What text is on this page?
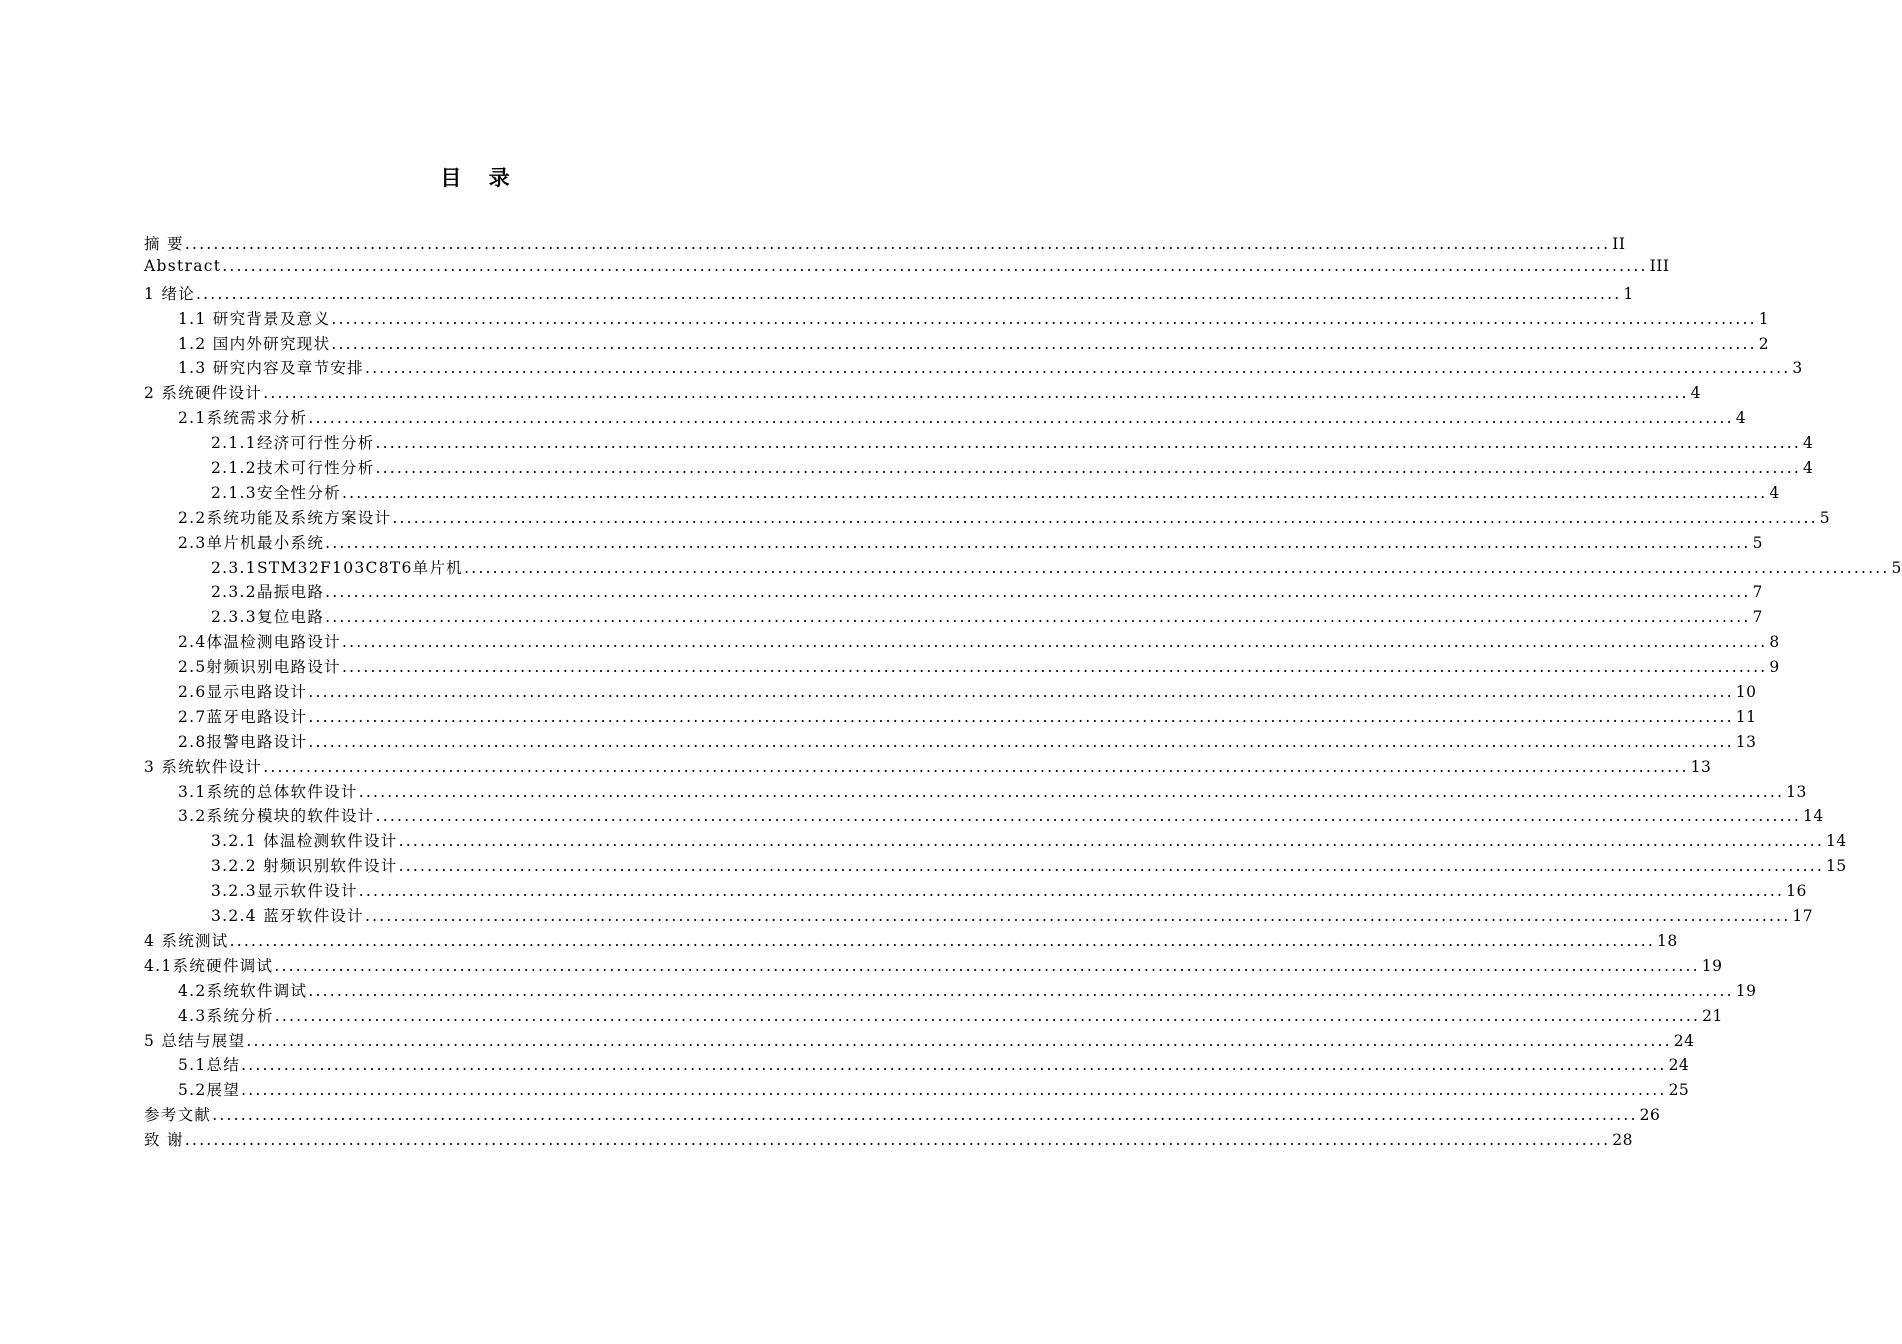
目 录
摘 要 ........................................................................................................................................................................................................ II
Abstract ........................................................................................................................................................................................................ III
1 绪论 ........................................................................................................................................................................................................ 1
1.1 研究背景及意义 ........................................................................................................................................................................................................ 1
1.2 国内外研究现状 ........................................................................................................................................................................................................ 2
1.3 研究内容及章节安排 ........................................................................................................................................................................................................ 3
2 系统硬件设计 ........................................................................................................................................................................................................ 4
2.1系统需求分析 ........................................................................................................................................................................................................ 4
2.1.1经济可行性分析 ........................................................................................................................................................................................................ 4
2.1.2技术可行性分析 ........................................................................................................................................................................................................ 4
2.1.3安全性分析 ........................................................................................................................................................................................................ 4
2.2系统功能及系统方案设计 ........................................................................................................................................................................................................ 5
2.3单片机最小系统 ........................................................................................................................................................................................................ 5
2.3.1STM32F103C8T6单片机 ........................................................................................................................................................................................................ 5
2.3.2晶振电路 ........................................................................................................................................................................................................ 7
2.3.3复位电路 ........................................................................................................................................................................................................ 7
2.4体温检测电路设计 ........................................................................................................................................................................................................ 8
2.5射频识别电路设计 ........................................................................................................................................................................................................ 9
2.6显示电路设计 ........................................................................................................................................................................................................ 10
2.7蓝牙电路设计 ........................................................................................................................................................................................................ 11
2.8报警电路设计 ........................................................................................................................................................................................................ 13
3 系统软件设计 ........................................................................................................................................................................................................ 13
3.1系统的总体软件设计 ........................................................................................................................................................................................................ 13
3.2系统分模块的软件设计 ........................................................................................................................................................................................................ 14
3.2.1 体温检测软件设计 ........................................................................................................................................................................................................ 14
3.2.2 射频识别软件设计 ........................................................................................................................................................................................................ 15
3.2.3显示软件设计 ........................................................................................................................................................................................................ 16
3.2.4 蓝牙软件设计 ........................................................................................................................................................................................................ 17
4 系统测试 ........................................................................................................................................................................................................ 18
4.1系统硬件调试 ........................................................................................................................................................................................................ 19
4.2系统软件调试 ........................................................................................................................................................................................................ 19
4.3系统分析 ........................................................................................................................................................................................................ 21
5 总结与展望 ........................................................................................................................................................................................................ 24
5.1总结 ........................................................................................................................................................................................................ 24
5.2展望 ........................................................................................................................................................................................................ 25
参考文献 ........................................................................................................................................................................................................ 26
致 谢 ........................................................................................................................................................................................................ 28
